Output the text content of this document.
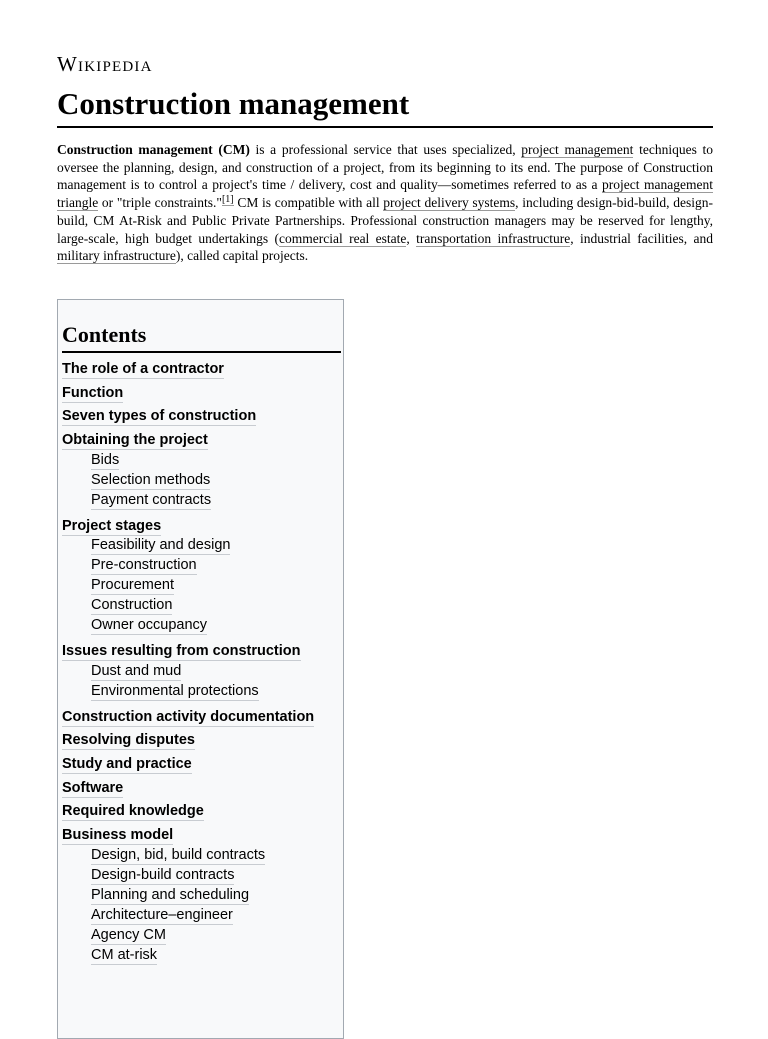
Wikipedia
Construction management

Construction management (CM) is a professional service that uses specialized, project management techniques to oversee the planning, design, and construction of a project, from its beginning to its end. The purpose of Construction management is to control a project's time / delivery, cost and quality—sometimes referred to as a project management triangle or "triple constraints."[1] CM is compatible with all project delivery systems, including design-bid-build, design-build, CM At-Risk and Public Private Partnerships. Professional construction managers may be reserved for lengthy, large-scale, high budget undertakings (commercial real estate, transportation infrastructure, industrial facilities, and military infrastructure), called capital projects.

Contents
The role of a contractor
Function
Seven types of construction
Obtaining the project
Bids
Selection methods
Payment contracts
Project stages
Feasibility and design
Pre-construction
Procurement
Construction
Owner occupancy
Issues resulting from construction
Dust and mud
Environmental protections
Construction activity documentation
Resolving disputes
Study and practice
Software
Required knowledge
Business model
Design, bid, build contracts
Design-build contracts
Planning and scheduling
Architecture–engineer
Agency CM
CM at-risk
